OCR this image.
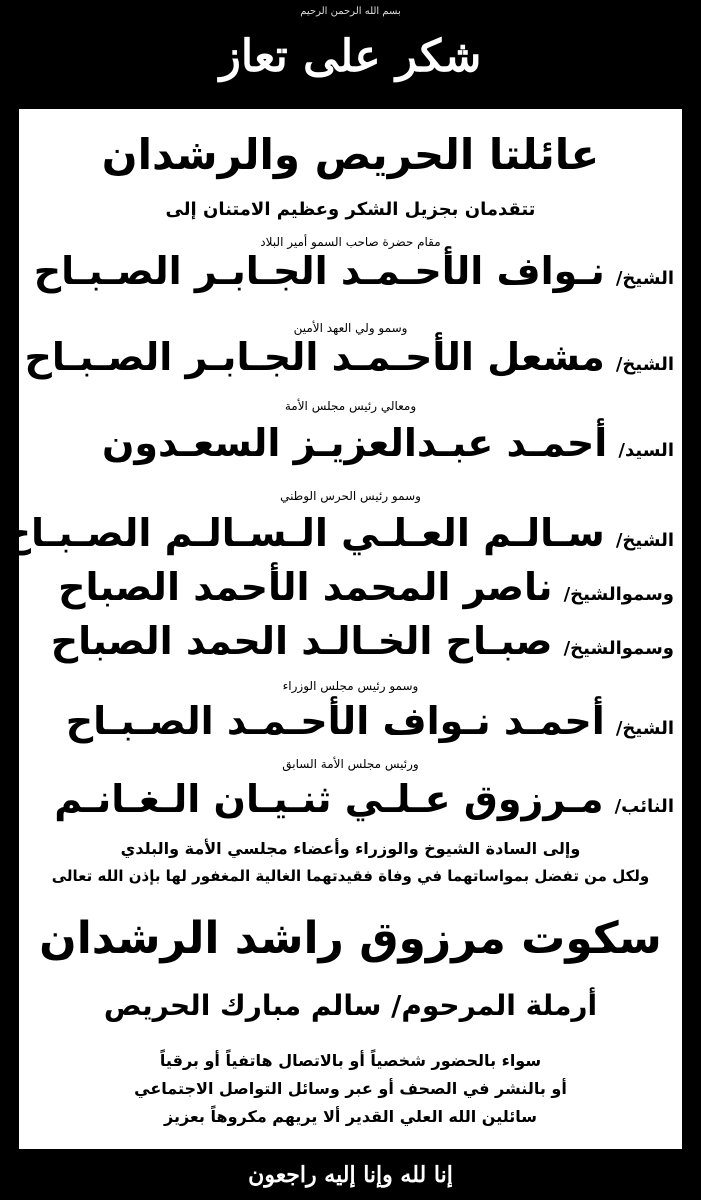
بسم الله الرحمن الرحيم
شكر على تعاز
عائلتا الحريص والرشدان
تتقدمان بجزيل الشكر وعظيم الامتنان إلى
مقام حضرة صاحب السمو أمير البلاد
الشيخ/ نـواف الأحـمـد الجـابـر الصـبـاح
وسمو ولي العهد الأمين
الشيخ/ مشعل الأحـمـد الجـابـر الصـبـاح
ومعالي رئيس مجلس الأمة
السيد/ أحمـد عبـدالعزيـز السعـدون
وسمو رئيس الحرس الوطني
الشيخ/ سـالـم العـلـي الـسـالـم الصـبـاح
وسموالشيخ/ ناصر المحمد الأحمد الصباح
وسموالشيخ/ صبـاح الخـالـد الحمد الصباح
وسمو رئيس مجلس الوزراء
الشيخ/ أحمـد نـواف الأحـمـد الصـبـاح
ورئيس مجلس الأمة السابق
النائب/ مـرزوق عـلـي ثنـيـان الـغـانـم
وإلى السادة الشيوخ والوزراء وأعضاء مجلسي الأمة والبلدي
ولكل من تفضل بمواساتهما في وفاة فقيدتهما الغالية المغفور لها بإذن الله تعالى
سكوت مرزوق راشد الرشدان
أرملة المرحوم/ سالم مبارك الحريص
سواء بالحضور شخصياً أو بالاتصال هاتفياً أو برقياً
أو بالنشر في الصحف أو عبر وسائل التواصل الاجتماعي
سائلين الله العلي القدير ألا يريهم مكروهاً بعزيز
إنا لله وإنا إليه راجعون
